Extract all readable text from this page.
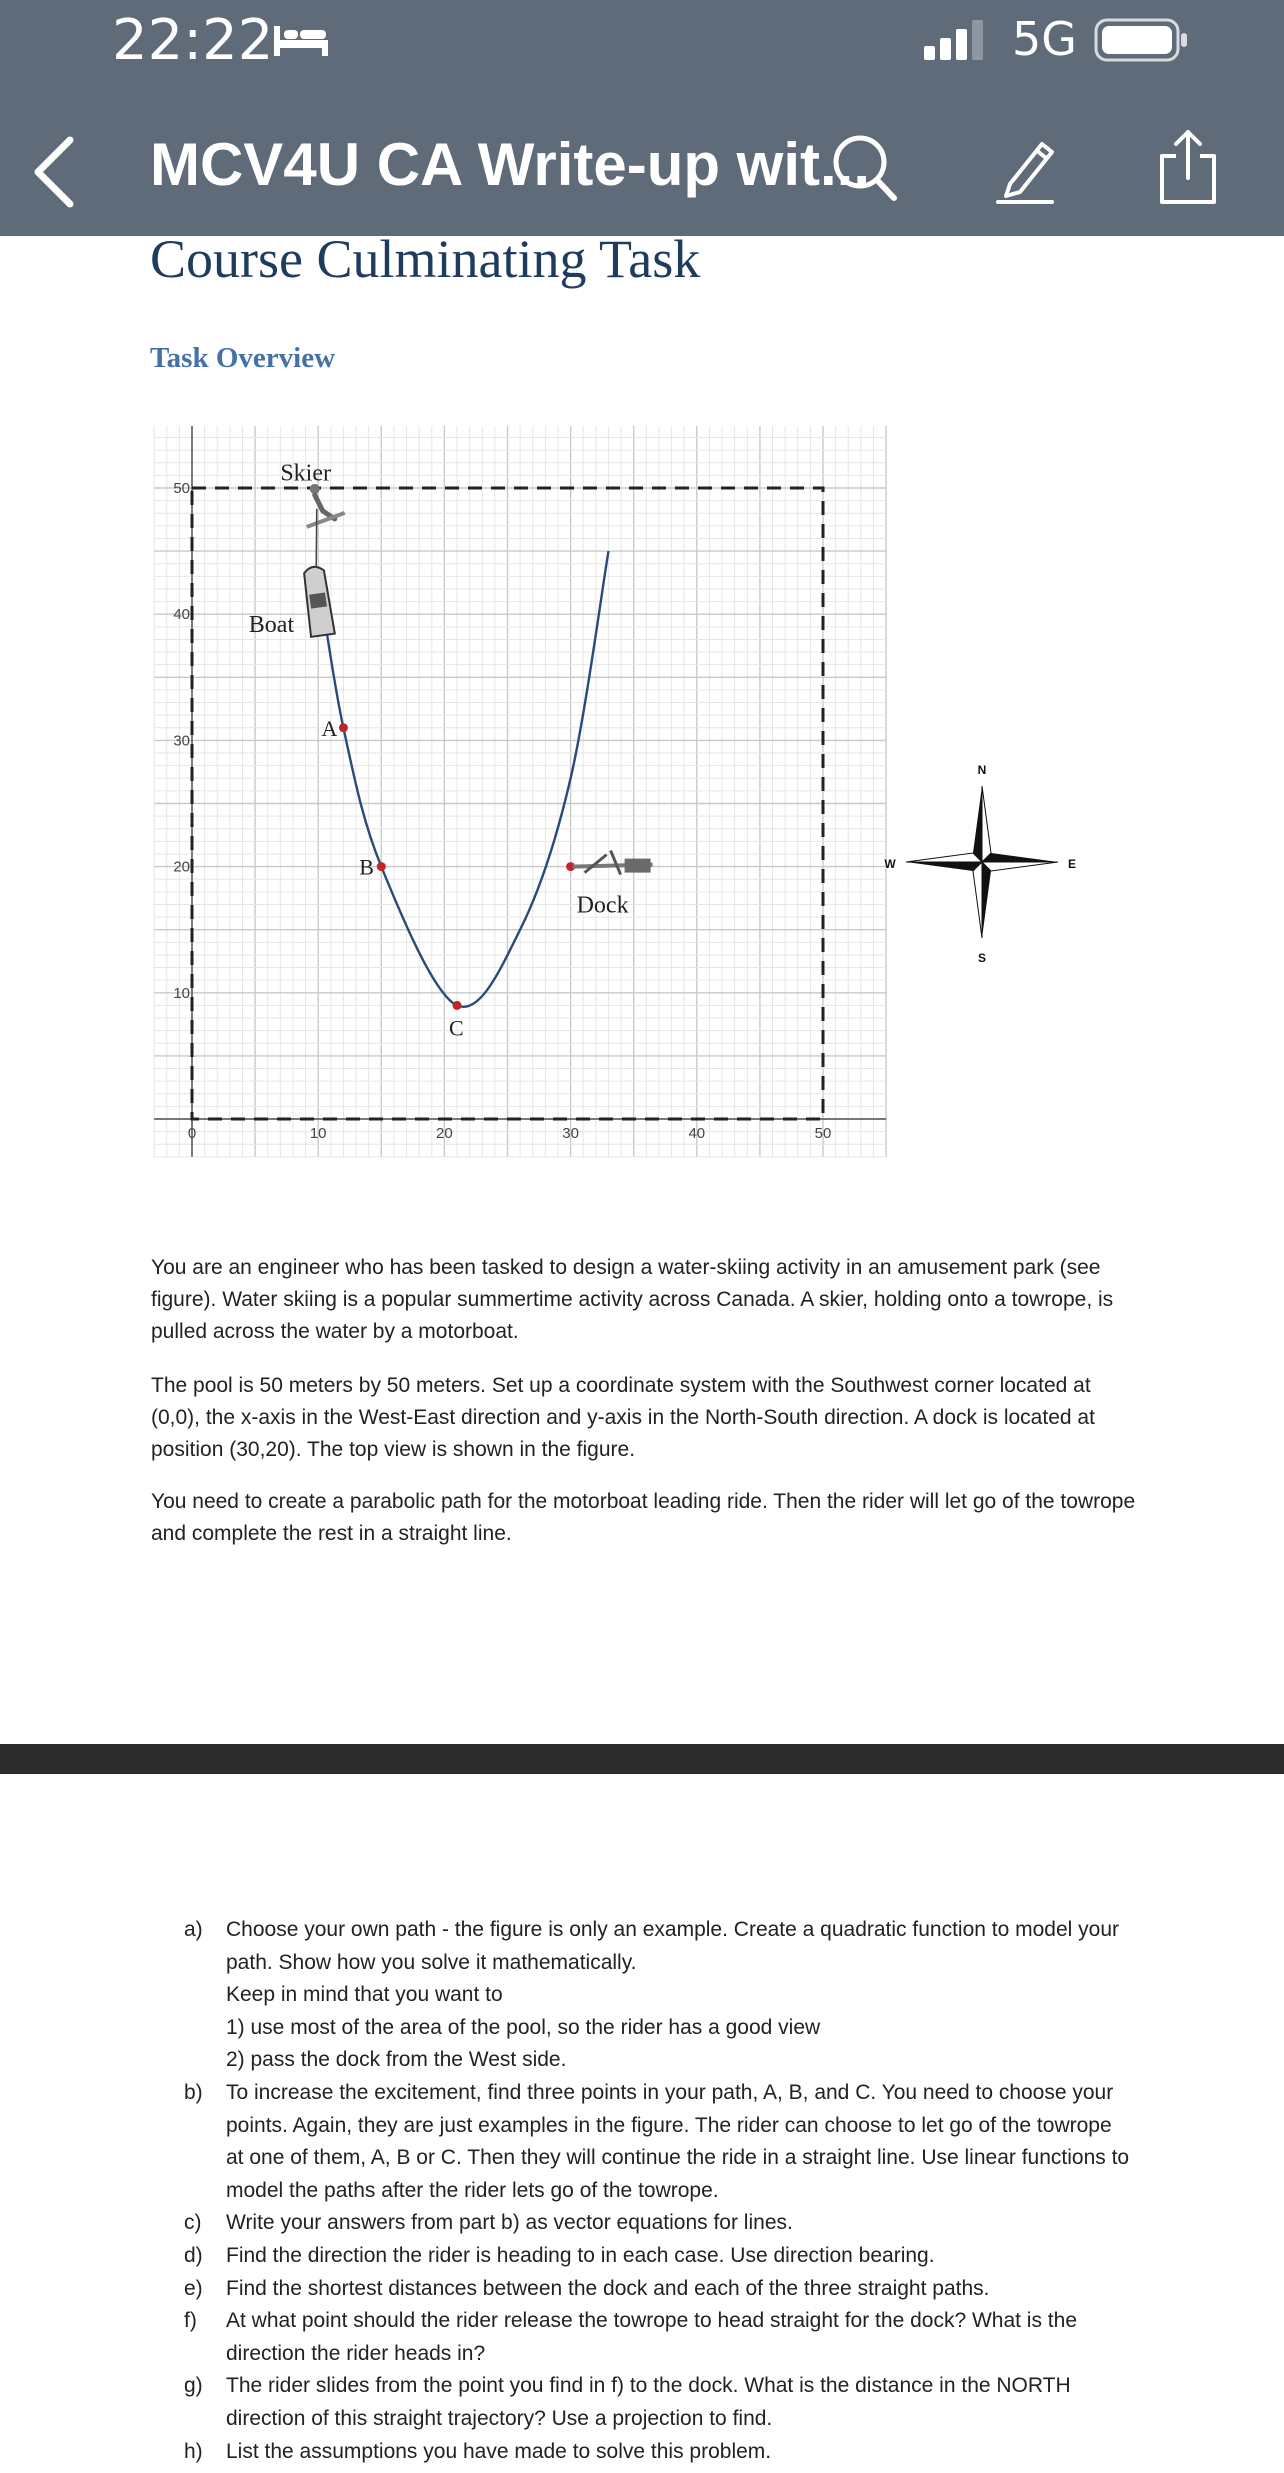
22:22	5G
MCV4U CA Write-up wit...
Course Culminating Task
Task Overview
0	10	20	30	40	50
10
20
30
40
50
A
B
C
Dock
Boat
Skier
N
S
E
W

You are an engineer who has been tasked to design a water-skiing activity in an amusement park (see figure). Water skiing is a popular summertime activity across Canada. A skier, holding onto a towrope, is pulled across the water by a motorboat.

The pool is 50 meters by 50 meters. Set up a coordinate system with the Southwest corner located at (0,0), the x-axis in the West-East direction and y-axis in the North-South direction. A dock is located at position (30,20). The top view is shown in the figure.

You need to create a parabolic path for the motorboat leading ride. Then the rider will let go of the towrope and complete the rest in a straight line.

a) Choose your own path - the figure is only an example. Create a quadratic function to model your path. Show how you solve it mathematically.
Keep in mind that you want to
1) use most of the area of the pool, so the rider has a good view
2) pass the dock from the West side.
b) To increase the excitement, find three points in your path, A, B, and C. You need to choose your points. Again, they are just examples in the figure. The rider can choose to let go of the towrope at one of them, A, B or C. Then they will continue the ride in a straight line. Use linear functions to model the paths after the rider lets go of the towrope.
c) Write your answers from part b) as vector equations for lines.
d) Find the direction the rider is heading to in each case. Use direction bearing.
e) Find the shortest distances between the dock and each of the three straight paths.
f) At what point should the rider release the towrope to head straight for the dock? What is the direction the rider heads in?
g) The rider slides from the point you find in f) to the dock. What is the distance in the NORTH direction of this straight trajectory? Use a projection to find.
h) List the assumptions you have made to solve this problem.
